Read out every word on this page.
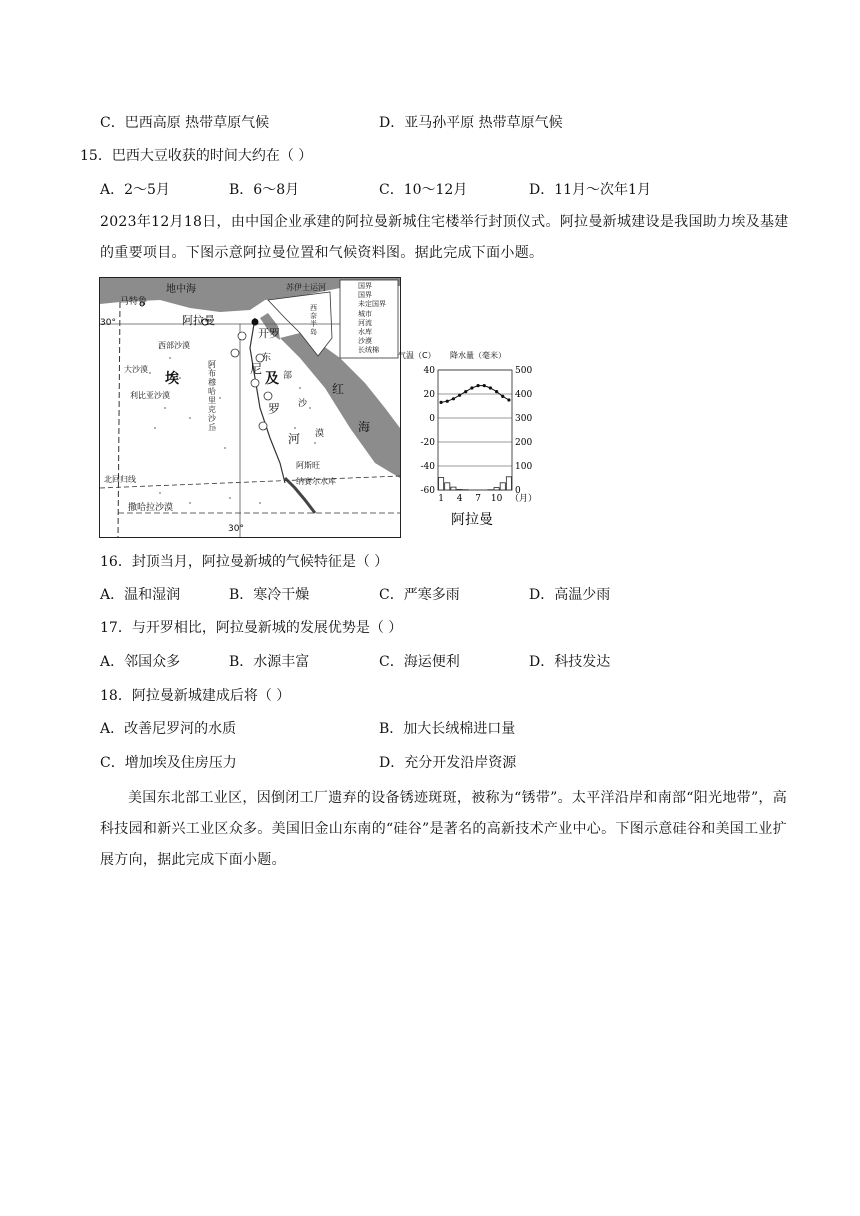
C．巴西高原 热带草原气候	D．亚马孙平原 热带草原气候
15．巴西大豆收获的时间大约在（ ）
A．2～5月	B．6～8月	C．10～12月	D．11月～次年1月
2023年12月18日，由中国企业承建的阿拉曼新城住宅楼举行封顶仪式。阿拉曼新城建设是我国助力埃及基建的重要项目。下图示意阿拉曼位置和气候资料图。据此完成下面小题。
地中海
马特鲁
苏伊士运河
阿拉曼
开罗
30°
30°
西部沙漠
大沙漠
埃	及
利比亚沙漠
阿布穆哈里克沙丘
东
部
沙
漠
尼
罗
河
红
海
阿斯旺
纳赛尔水库
北回归线
撒哈拉沙漠
西奈半岛
国界
国界
未定国界
城市
河流
水库
沙漠
长绒棉
气温（C） 降水量（毫米）
40
20
0
-20
-40
-60
500
400
300
200
100
0
1 4 7 10 （月）
阿拉曼
16．封顶当月，阿拉曼新城的气候特征是（ ）
A．温和湿润	B．寒冷干燥	C．严寒多雨	D．高温少雨
17．与开罗相比，阿拉曼新城的发展优势是（ ）
A．邻国众多	B．水源丰富	C．海运便利	D．科技发达
18．阿拉曼新城建成后将（ ）
A．改善尼罗河的水质	B．加大长绒棉进口量
C．增加埃及住房压力	D．充分开发沿岸资源
美国东北部工业区，因倒闭工厂遗弃的设备锈迹斑斑，被称为“锈带”。太平洋沿岸和南部“阳光地带”，高科技园和新兴工业区众多。美国旧金山东南的“硅谷”是著名的高新技术产业中心。下图示意硅谷和美国工业扩展方向，据此完成下面小题。
